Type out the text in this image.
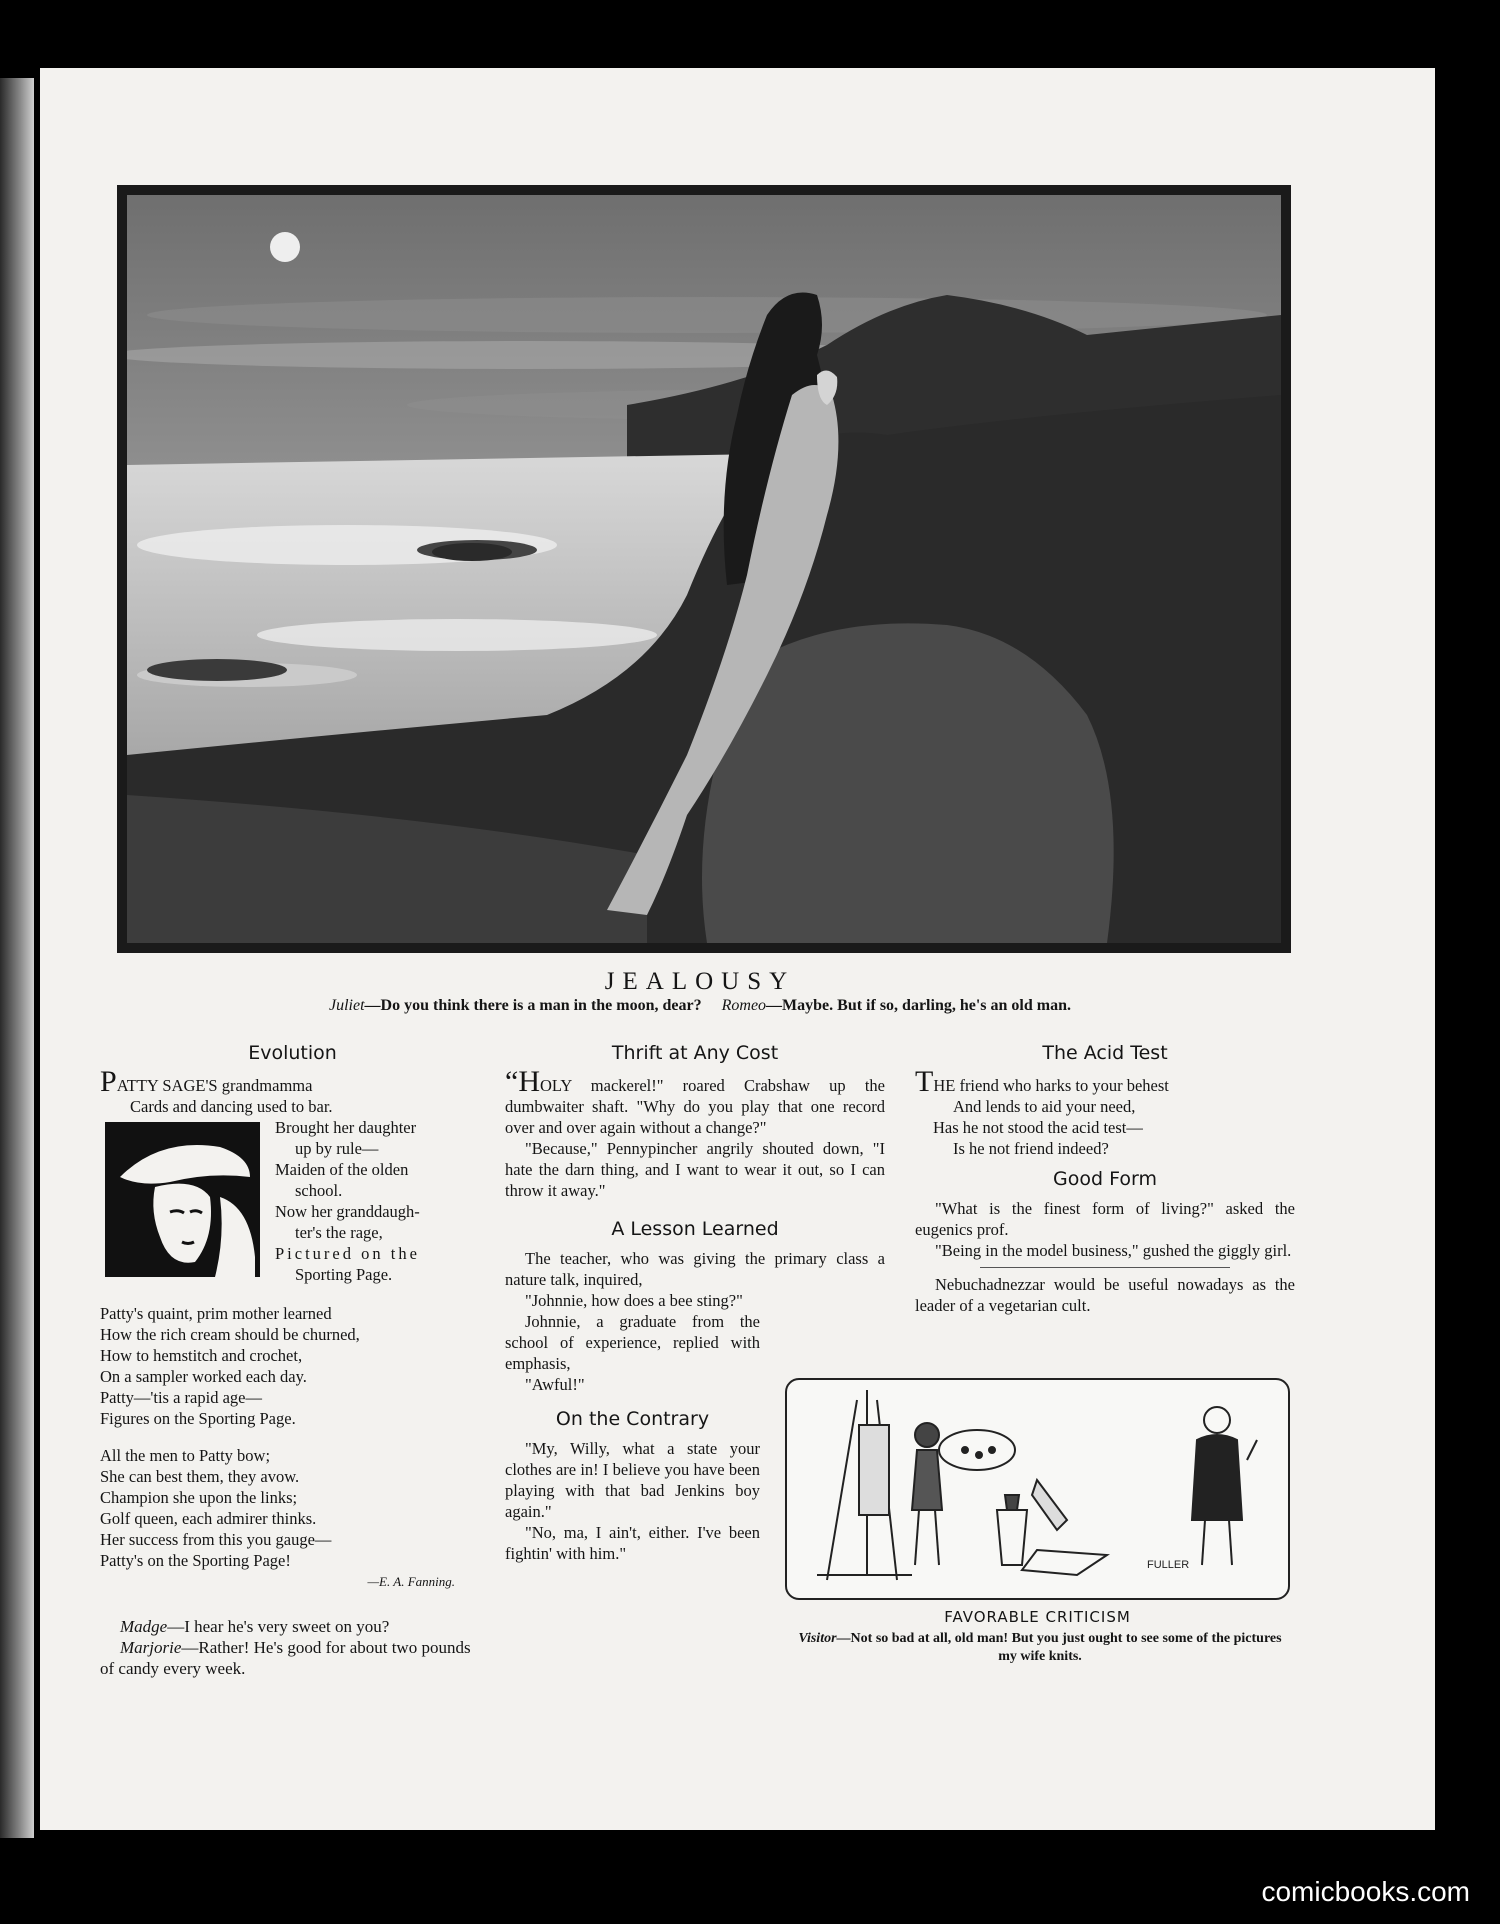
JEALOUSY
Juliet—Do you think there is a man in the moon, dear? Romeo—Maybe. But if so, darling, he's an old man.

Evolution

PATTY SAGE'S grandmamma

Cards and dancing used to bar.

Brought her daughter

up by rule—

Maiden of the olden

school.

Now her granddaugh-

ter's the rage,

Pictured on the

Sporting Page.

Patty's quaint, prim mother learned

How the rich cream should be churned,

How to hemstitch and crochet,

On a sampler worked each day.

Patty—'tis a rapid age—

Figures on the Sporting Page.

All the men to Patty bow;

She can best them, they avow.

Champion she upon the links;

Golf queen, each admirer thinks.

Her success from this you gauge—

Patty's on the Sporting Page!

—E. A. Fanning.

Madge—I hear he's very sweet on you?

Marjorie—Rather! He's good for about two pounds of candy every week.

Thrift at Any Cost

“HOLY mackerel!" roared Crabshaw up the dumbwaiter shaft. "Why do you play that one record over and over again without a change?"

"Because," Pennypincher angrily shouted down, "I hate the darn thing, and I want to wear it out, so I can throw it away."

A Lesson Learned

The teacher, who was giving the primary class a nature talk, inquired,

"Johnnie, how does a bee sting?"

Johnnie, a graduate from the school of experience, replied with emphasis,

"Awful!"

On the Contrary

"My, Willy, what a state your clothes are in! I believe you have been playing with that bad Jenkins boy again."

"No, ma, I ain't, either. I've been fightin' with him."

The Acid Test

THE friend who harks to your behest

And lends to aid your need,

Has he not stood the acid test—

Is he not friend indeed?

Good Form

"What is the finest form of living?" asked the eugenics prof.

"Being in the model business," gushed the giggly girl.

Nebuchadnezzar would be useful nowadays as the leader of a vegetarian cult.

FULLER
FAVORABLE CRITICISM
Visitor—Not so bad at all, old man! But you just ought to see some of the pictures my wife knits.
comicbooks.com
